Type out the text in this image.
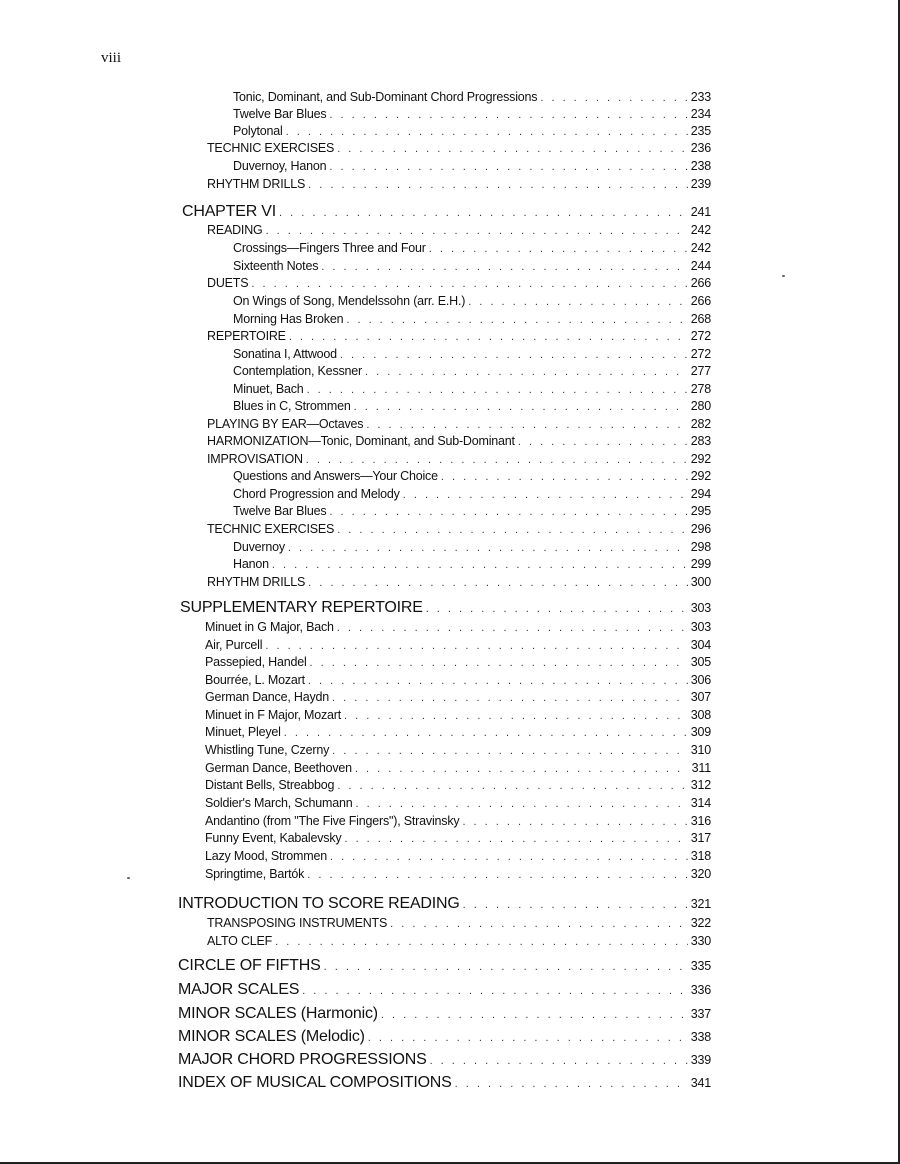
viii
Tonic, Dominant, and Sub-Dominant Chord Progressions . . .	233
Twelve Bar Blues . . .	234
Polytonal . . .	235
TECHNIC EXERCISES . . .	236
Duvernoy, Hanon . . .	238
RHYTHM DRILLS . . .	239
CHAPTER VI . . .	241
READING . . .	242
Crossings—Fingers Three and Four . . .	242
Sixteenth Notes . . .	244
DUETS . . .	266
On Wings of Song, Mendelssohn (arr. E.H.) . . .	266
Morning Has Broken . . .	268
REPERTOIRE . . .	272
Sonatina I, Attwood . . .	272
Contemplation, Kessner . . .	277
Minuet, Bach . . .	278
Blues in C, Strommen . . .	280
PLAYING BY EAR—Octaves . . .	282
HARMONIZATION—Tonic, Dominant, and Sub-Dominant . . .	283
IMPROVISATION . . .	292
Questions and Answers—Your Choice . . .	292
Chord Progression and Melody . . .	294
Twelve Bar Blues . . .	295
TECHNIC EXERCISES . . .	296
Duvernoy . . .	298
Hanon . . .	299
RHYTHM DRILLS . . .	300
SUPPLEMENTARY REPERTOIRE . . .	303
Minuet in G Major, Bach . . .	303
Air, Purcell . . .	304
Passepied, Handel . . .	305
Bourrée, L. Mozart . . .	306
German Dance, Haydn . . .	307
Minuet in F Major, Mozart . . .	308
Minuet, Pleyel . . .	309
Whistling Tune, Czerny . . .	310
German Dance, Beethoven . . .	311
Distant Bells, Streabbog . . .	312
Soldier's March, Schumann . . .	314
Andantino (from "The Five Fingers"), Stravinsky . . .	316
Funny Event, Kabalevsky . . .	317
Lazy Mood, Strommen . . .	318
Springtime, Bartók . . .	320
INTRODUCTION TO SCORE READING . . .	321
TRANSPOSING INSTRUMENTS . . .	322
ALTO CLEF . . .	330
CIRCLE OF FIFTHS . . .	335
MAJOR SCALES . . .	336
MINOR SCALES (Harmonic) . . .	337
MINOR SCALES (Melodic) . . .	338
MAJOR CHORD PROGRESSIONS . . .	339
INDEX OF MUSICAL COMPOSITIONS . . .	341
